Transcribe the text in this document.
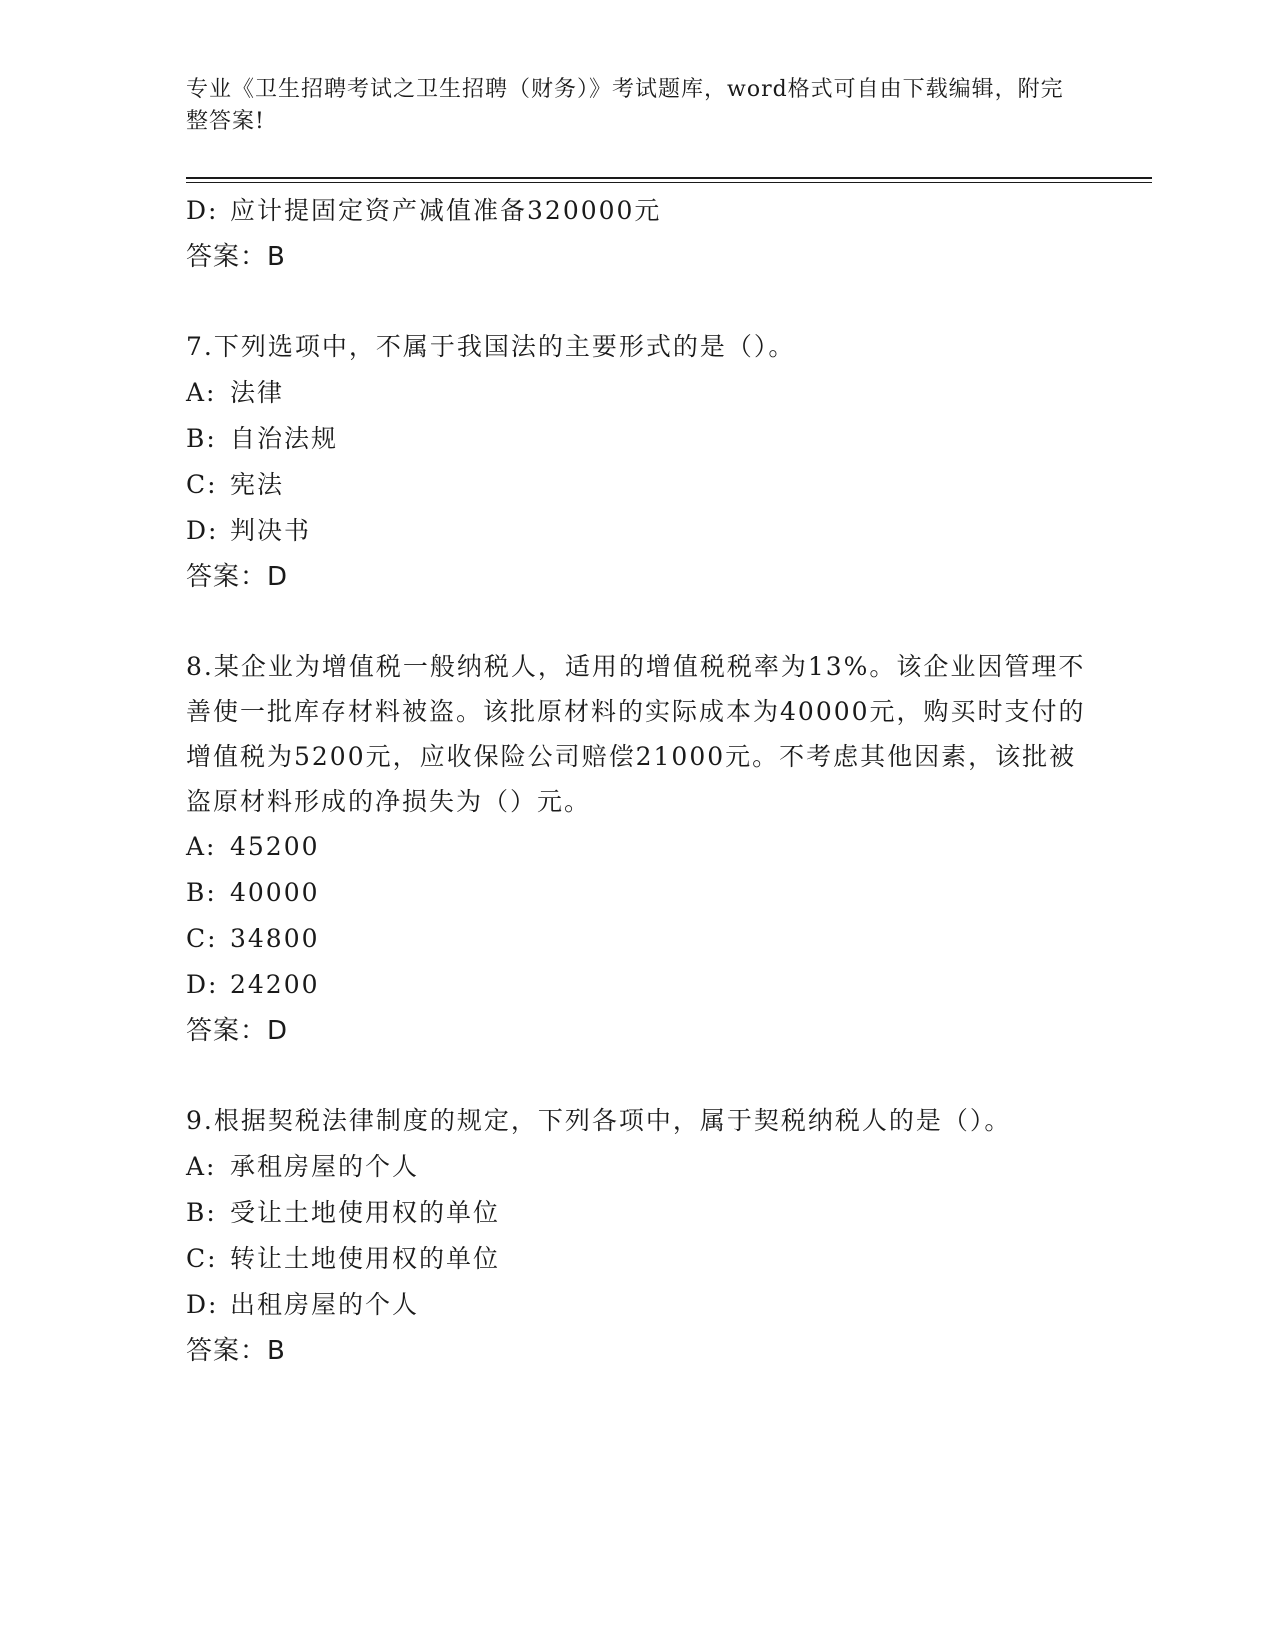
专业《卫生招聘考试之卫生招聘（财务）》考试题库，word格式可自由下载编辑，附完整答案!
D: 应计提固定资产减值准备320000元
答案：B
7.下列选项中，不属于我国法的主要形式的是（）。
A: 法律
B: 自治法规
C: 宪法
D: 判决书
答案：D
8.某企业为增值税一般纳税人，适用的增值税税率为13%。该企业因管理不善使一批库存材料被盗。该批原材料的实际成本为40000元，购买时支付的增值税为5200元，应收保险公司赔偿21000元。不考虑其他因素，该批被盗原材料形成的净损失为（）元。
A: 45200
B: 40000
C: 34800
D: 24200
答案：D
9.根据契税法律制度的规定，下列各项中，属于契税纳税人的是（）。
A: 承租房屋的个人
B: 受让土地使用权的单位
C: 转让土地使用权的单位
D: 出租房屋的个人
答案：B
